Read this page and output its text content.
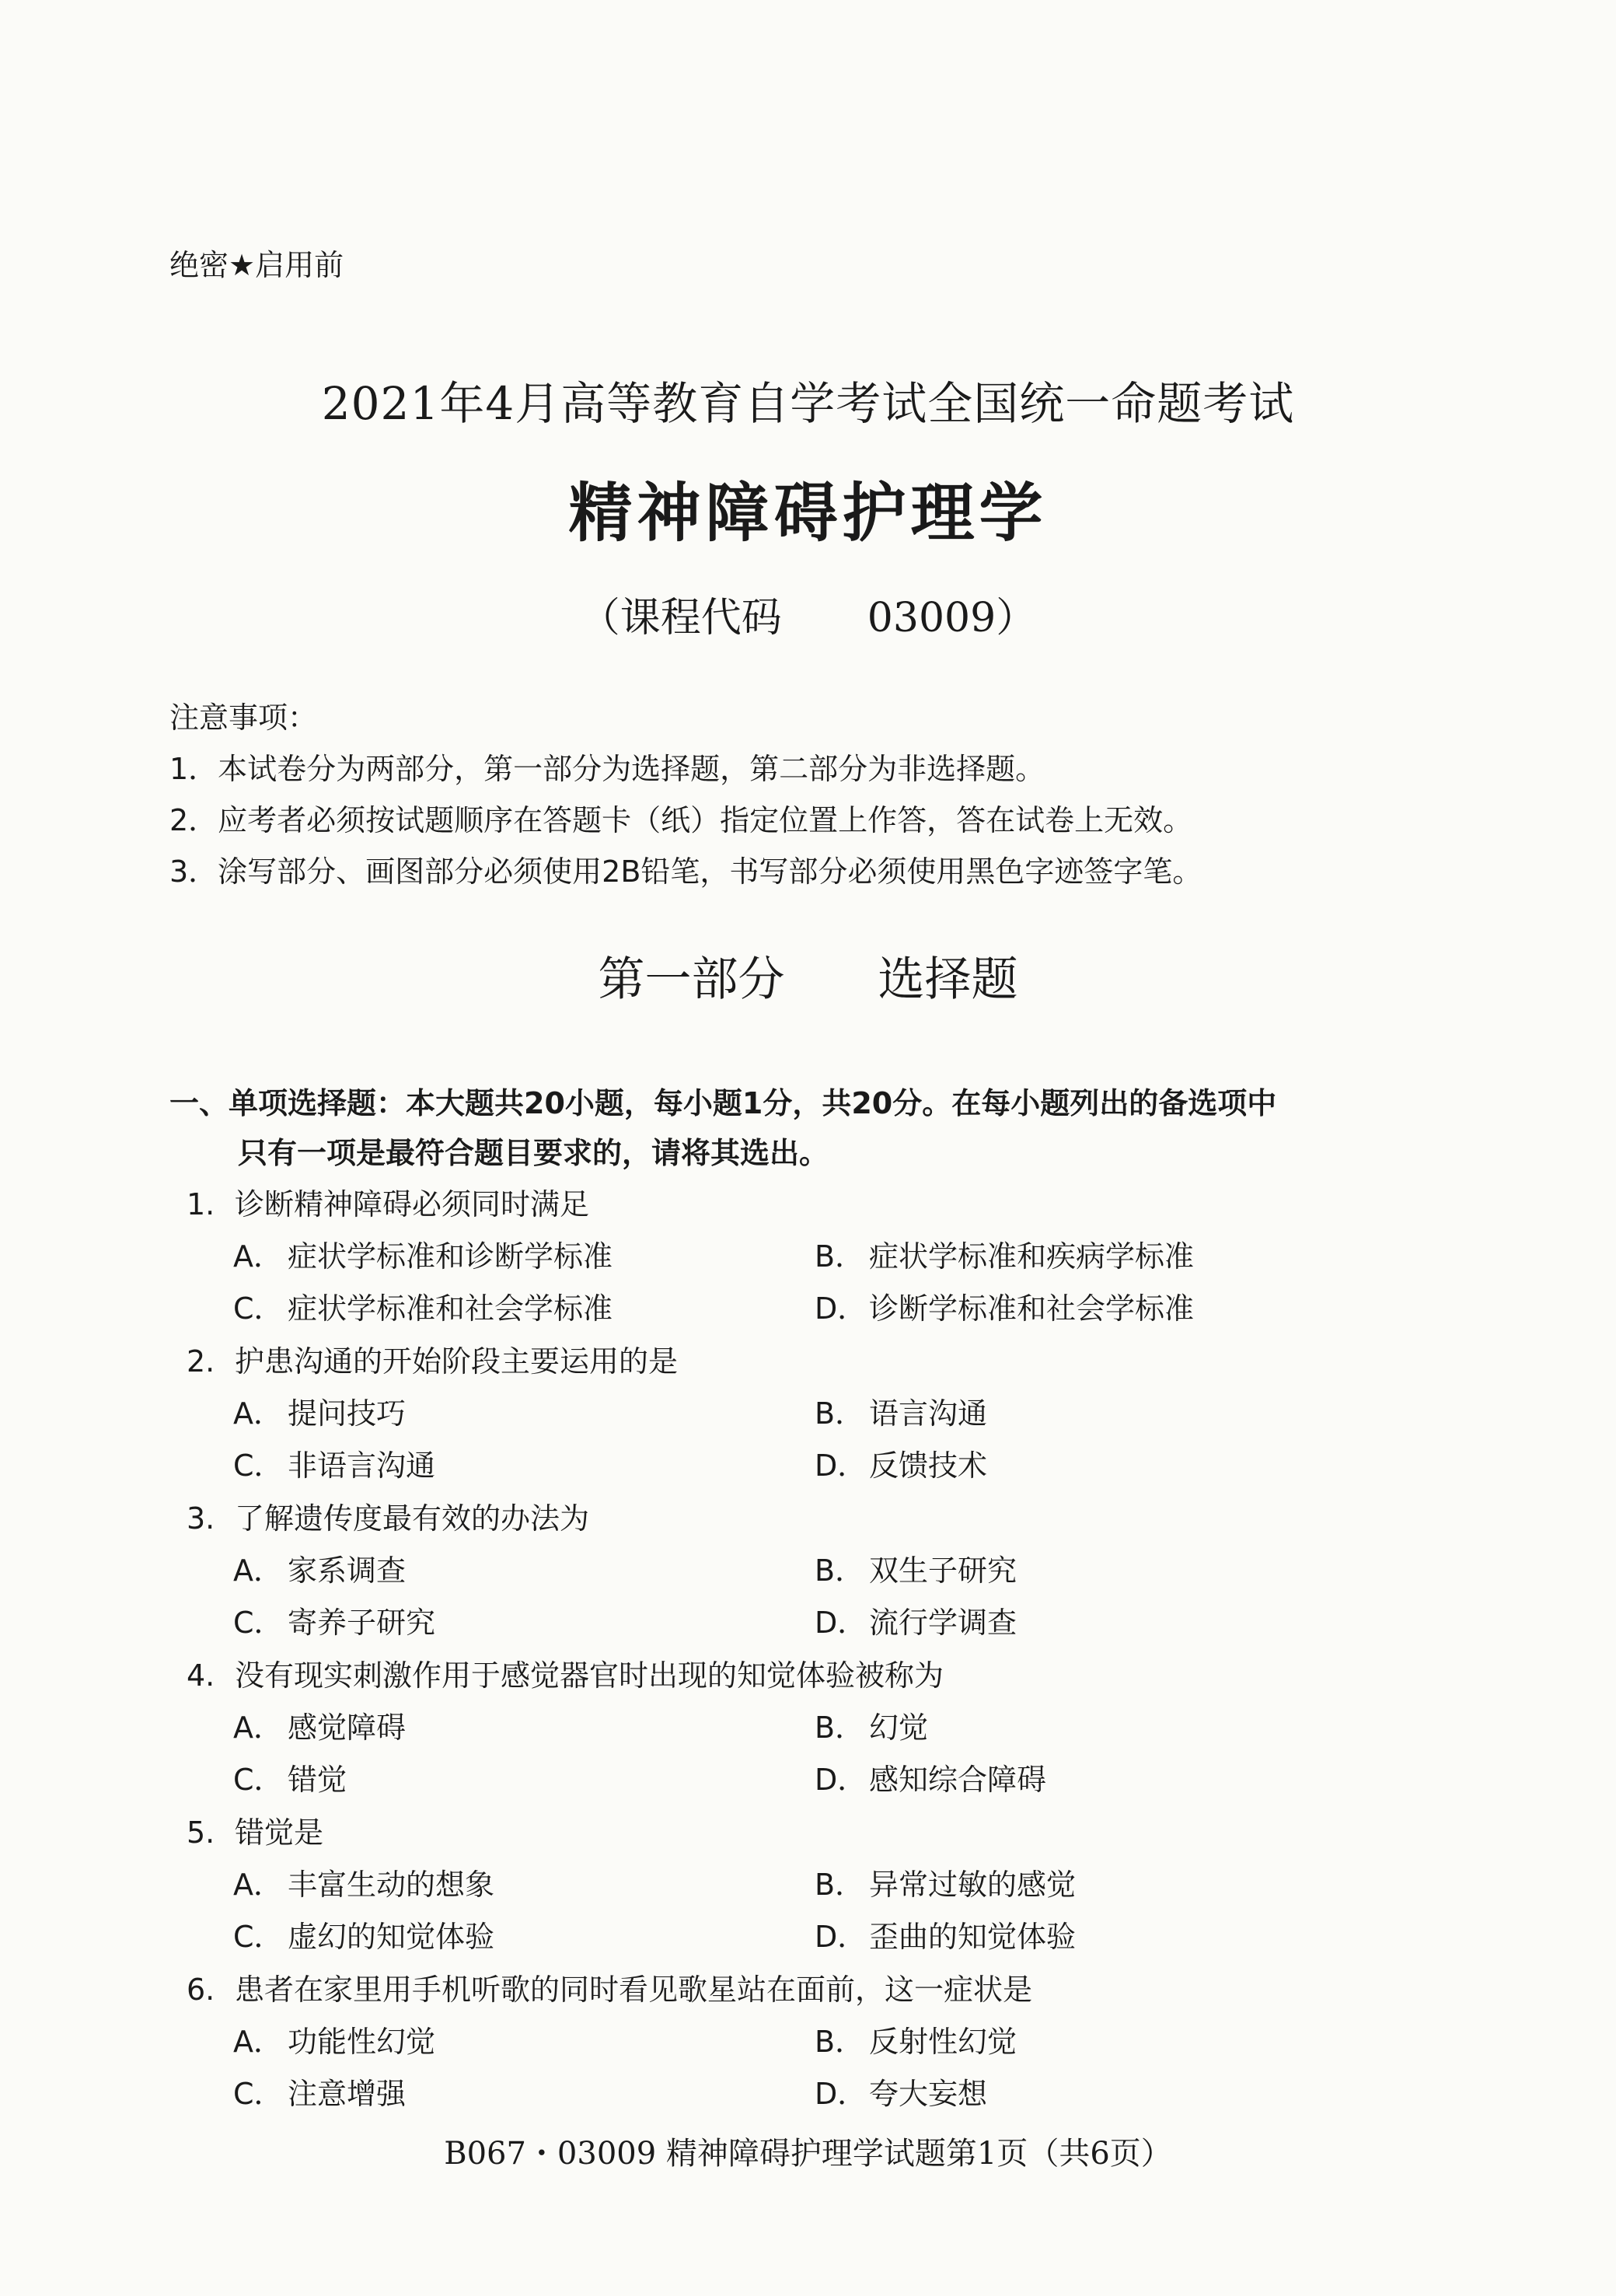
绝密★启用前
2021年4月高等教育自学考试全国统一命题考试
精神障碍护理学
（课程代码 03009）
注意事项：
1．本试卷分为两部分，第一部分为选择题，第二部分为非选择题。
2．应考者必须按试题顺序在答题卡（纸）指定位置上作答，答在试卷上无效。
3．涂写部分、画图部分必须使用2B铅笔，书写部分必须使用黑色字迹签字笔。
第一部分 选择题
一、单项选择题：本大题共20小题，每小题1分，共20分。在每小题列出的备选项中
只有一项是最符合题目要求的，请将其选出。
1. 诊断精神障碍必须同时满足
A． 症状学标准和诊断学标准	B． 症状学标准和疾病学标准
C． 症状学标准和社会学标准	D．诊断学标准和社会学标准
2. 护患沟通的开始阶段主要运用的是
A． 提问技巧	B． 语言沟通
C． 非语言沟通	D．反馈技术
3. 了解遗传度最有效的办法为
A． 家系调查	B． 双生子研究
C． 寄养子研究	D．流行学调查
4. 没有现实刺激作用于感觉器官时出现的知觉体验被称为
A． 感觉障碍	B． 幻觉
C． 错觉	D．感知综合障碍
5. 错觉是
A． 丰富生动的想象	B． 异常过敏的感觉
C． 虚幻的知觉体验	D．歪曲的知觉体验
6. 患者在家里用手机听歌的同时看见歌星站在面前，这一症状是
A． 功能性幻觉	B． 反射性幻觉
C． 注意增强	D．夸大妄想
B067・03009 精神障碍护理学试题第1页（共6页）
